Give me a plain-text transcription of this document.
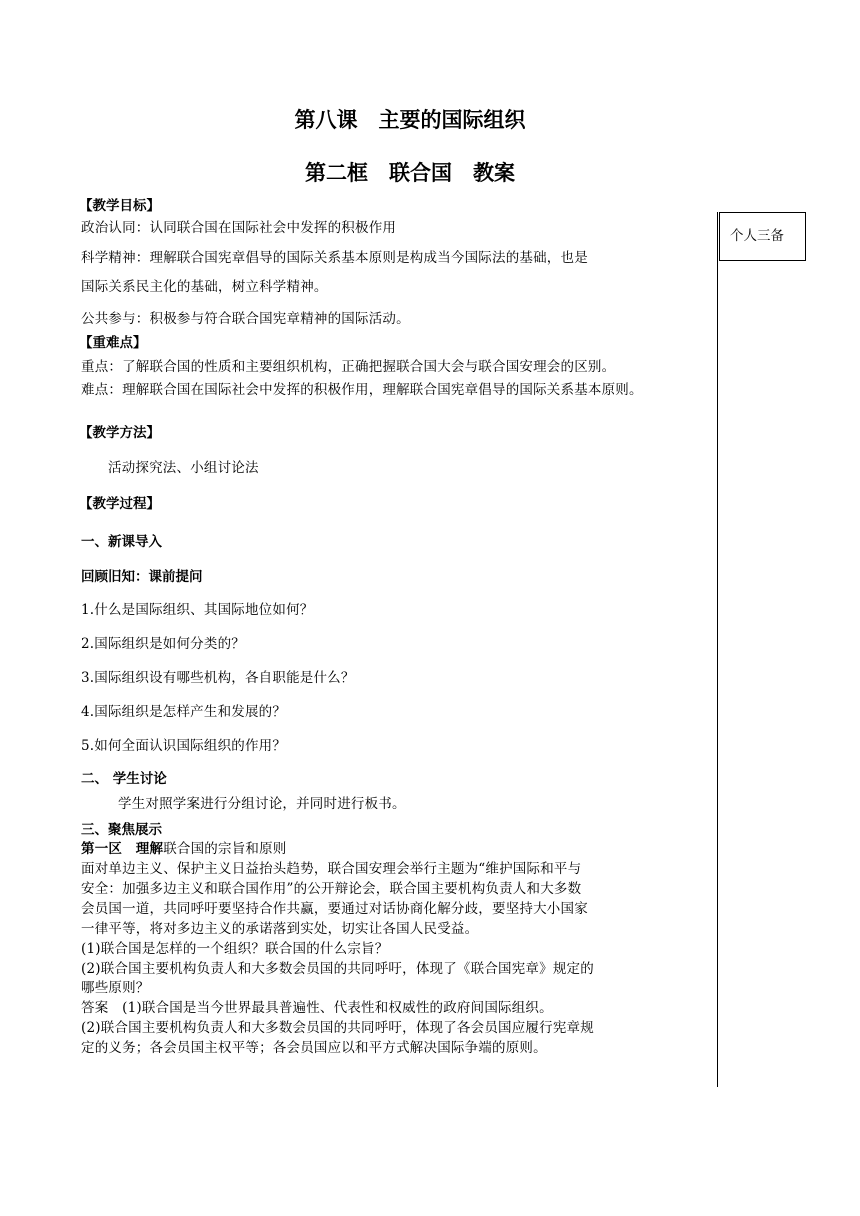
第八课　主要的国际组织
第二框　联合国　教案
个人三备
【教学目标】
政治认同：认同联合国在国际社会中发挥的积极作用
科学精神：理解联合国宪章倡导的国际关系基本原则是构成当今国际法的基础，也是
国际关系民主化的基础，树立科学精神。
公共参与：积极参与符合联合国宪章精神的国际活动。
【重难点】
重点：了解联合国的性质和主要组织机构，正确把握联合国大会与联合国安理会的区别。
难点：理解联合国在国际社会中发挥的积极作用，理解联合国宪章倡导的国际关系基本原则。
【教学方法】
活动探究法、小组讨论法
【教学过程】
一、新课导入
回顾旧知：课前提问
1.什么是国际组织、其国际地位如何？
2.国际组织是如何分类的？
3.国际组织设有哪些机构，各自职能是什么？
4.国际组织是怎样产生和发展的？
5.如何全面认识国际组织的作用？
二、 学生讨论
学生对照学案进行分组讨论，并同时进行板书。
三、聚焦展示
第一区　理解联合国的宗旨和原则
面对单边主义、保护主义日益抬头趋势，联合国安理会举行主题为“维护国际和平与
安全：加强多边主义和联合国作用”的公开辩论会，联合国主要机构负责人和大多数
会员国一道，共同呼吁要坚持合作共赢，要通过对话协商化解分歧，要坚持大小国家
一律平等，将对多边主义的承诺落到实处，切实让各国人民受益。
(1)联合国是怎样的一个组织？联合国的什么宗旨？
(2)联合国主要机构负责人和大多数会员国的共同呼吁，体现了《联合国宪章》规定的
哪些原则？
答案　(1)联合国是当今世界最具普遍性、代表性和权威性的政府间国际组织。
(2)联合国主要机构负责人和大多数会员国的共同呼吁，体现了各会员国应履行宪章规
定的义务；各会员国主权平等；各会员国应以和平方式解决国际争端的原则。
